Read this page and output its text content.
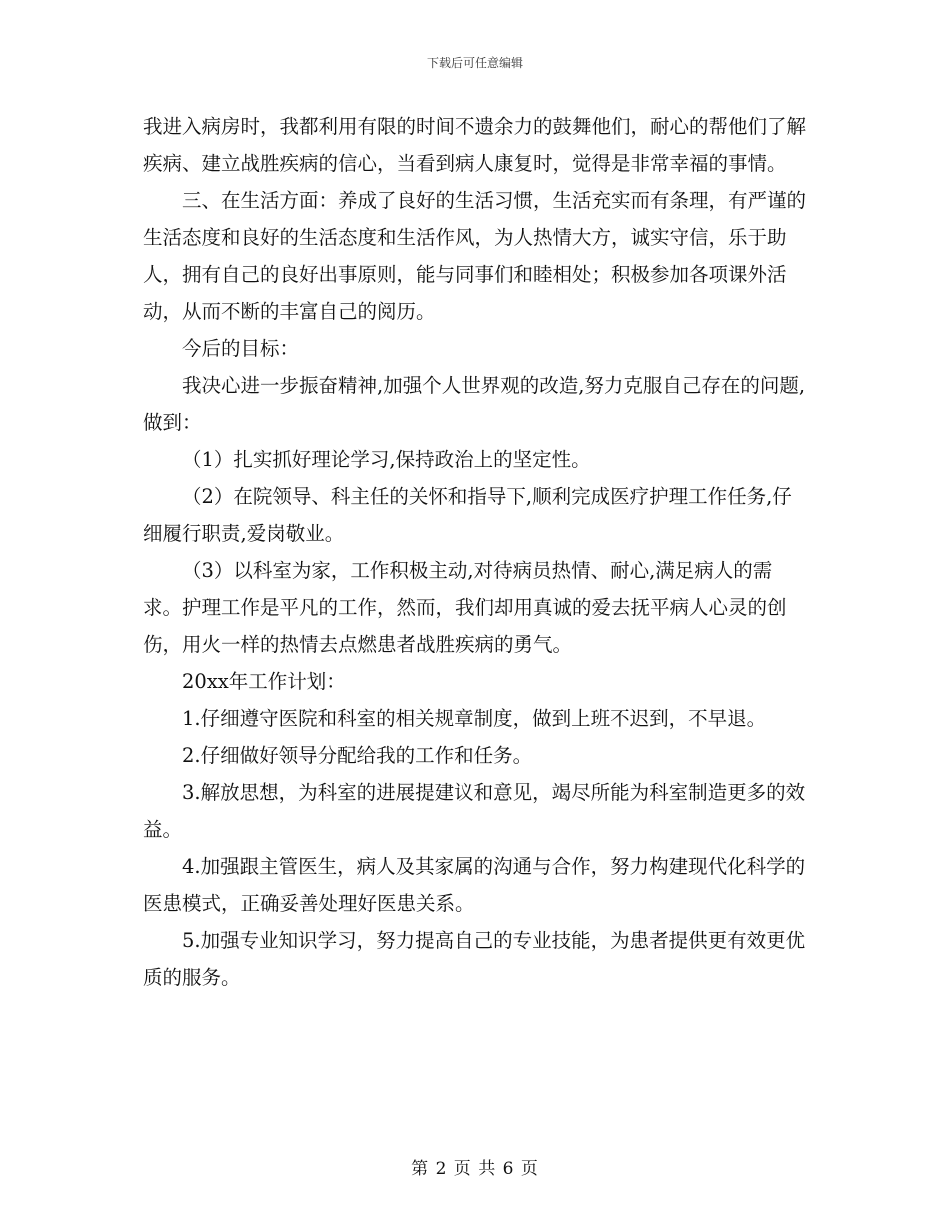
下载后可任意编辑

我进入病房时，我都利用有限的时间不遗余力的鼓舞他们，耐心的帮他们了解疾病、建立战胜疾病的信心，当看到病人康复时，觉得是非常幸福的事情。

三、在生活方面：养成了良好的生活习惯，生活充实而有条理，有严谨的生活态度和良好的生活态度和生活作风，为人热情大方，诚实守信，乐于助人，拥有自己的良好出事原则，能与同事们和睦相处；积极参加各项课外活动，从而不断的丰富自己的阅历。

今后的目标：

我决心进一步振奋精神,加强个人世界观的改造,努力克服自己存在的问题,做到：

（1）扎实抓好理论学习,保持政治上的坚定性。

（2）在院领导、科主任的关怀和指导下,顺利完成医疗护理工作任务,仔细履行职责,爱岗敬业。

（3）以科室为家，工作积极主动,对待病员热情、耐心,满足病人的需求。护理工作是平凡的工作，然而，我们却用真诚的爱去抚平病人心灵的创伤，用火一样的热情去点燃患者战胜疾病的勇气。

20xx年工作计划：

1.仔细遵守医院和科室的相关规章制度，做到上班不迟到，不早退。

2.仔细做好领导分配给我的工作和任务。

3.解放思想，为科室的进展提建议和意见，竭尽所能为科室制造更多的效益。

4.加强跟主管医生，病人及其家属的沟通与合作，努力构建现代化科学的医患模式，正确妥善处理好医患关系。

5.加强专业知识学习，努力提高自己的专业技能，为患者提供更有效更优质的服务。

第 2 页 共 6 页
